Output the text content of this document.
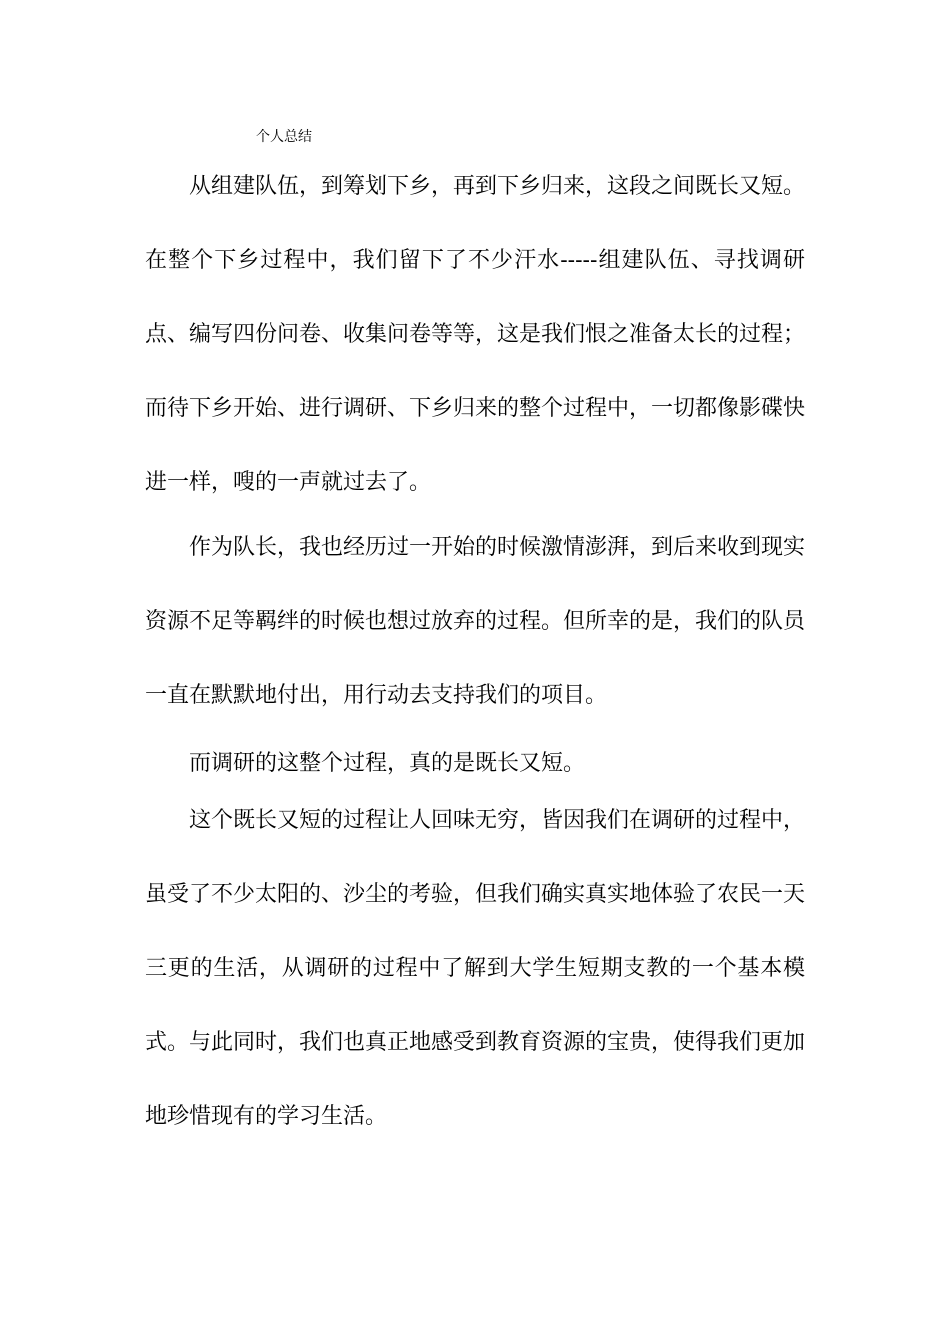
个人总结

从组建队伍，到筹划下乡，再到下乡归来，这段之间既长又短。在整个下乡过程中，我们留下了不少汗水-----组建队伍、寻找调研点、编写四份问卷、收集问卷等等，这是我们恨之准备太长的过程；而待下乡开始、进行调研、下乡归来的整个过程中，一切都像影碟快进一样，嗖的一声就过去了。

作为队长，我也经历过一开始的时候激情澎湃，到后来收到现实资源不足等羁绊的时候也想过放弃的过程。但所幸的是，我们的队员一直在默默地付出，用行动去支持我们的项目。

而调研的这整个过程，真的是既长又短。

这个既长又短的过程让人回味无穷，皆因我们在调研的过程中，虽受了不少太阳的、沙尘的考验，但我们确实真实地体验了农民一天三更的生活，从调研的过程中了解到大学生短期支教的一个基本模式。与此同时，我们也真正地感受到教育资源的宝贵，使得我们更加地珍惜现有的学习生活。
